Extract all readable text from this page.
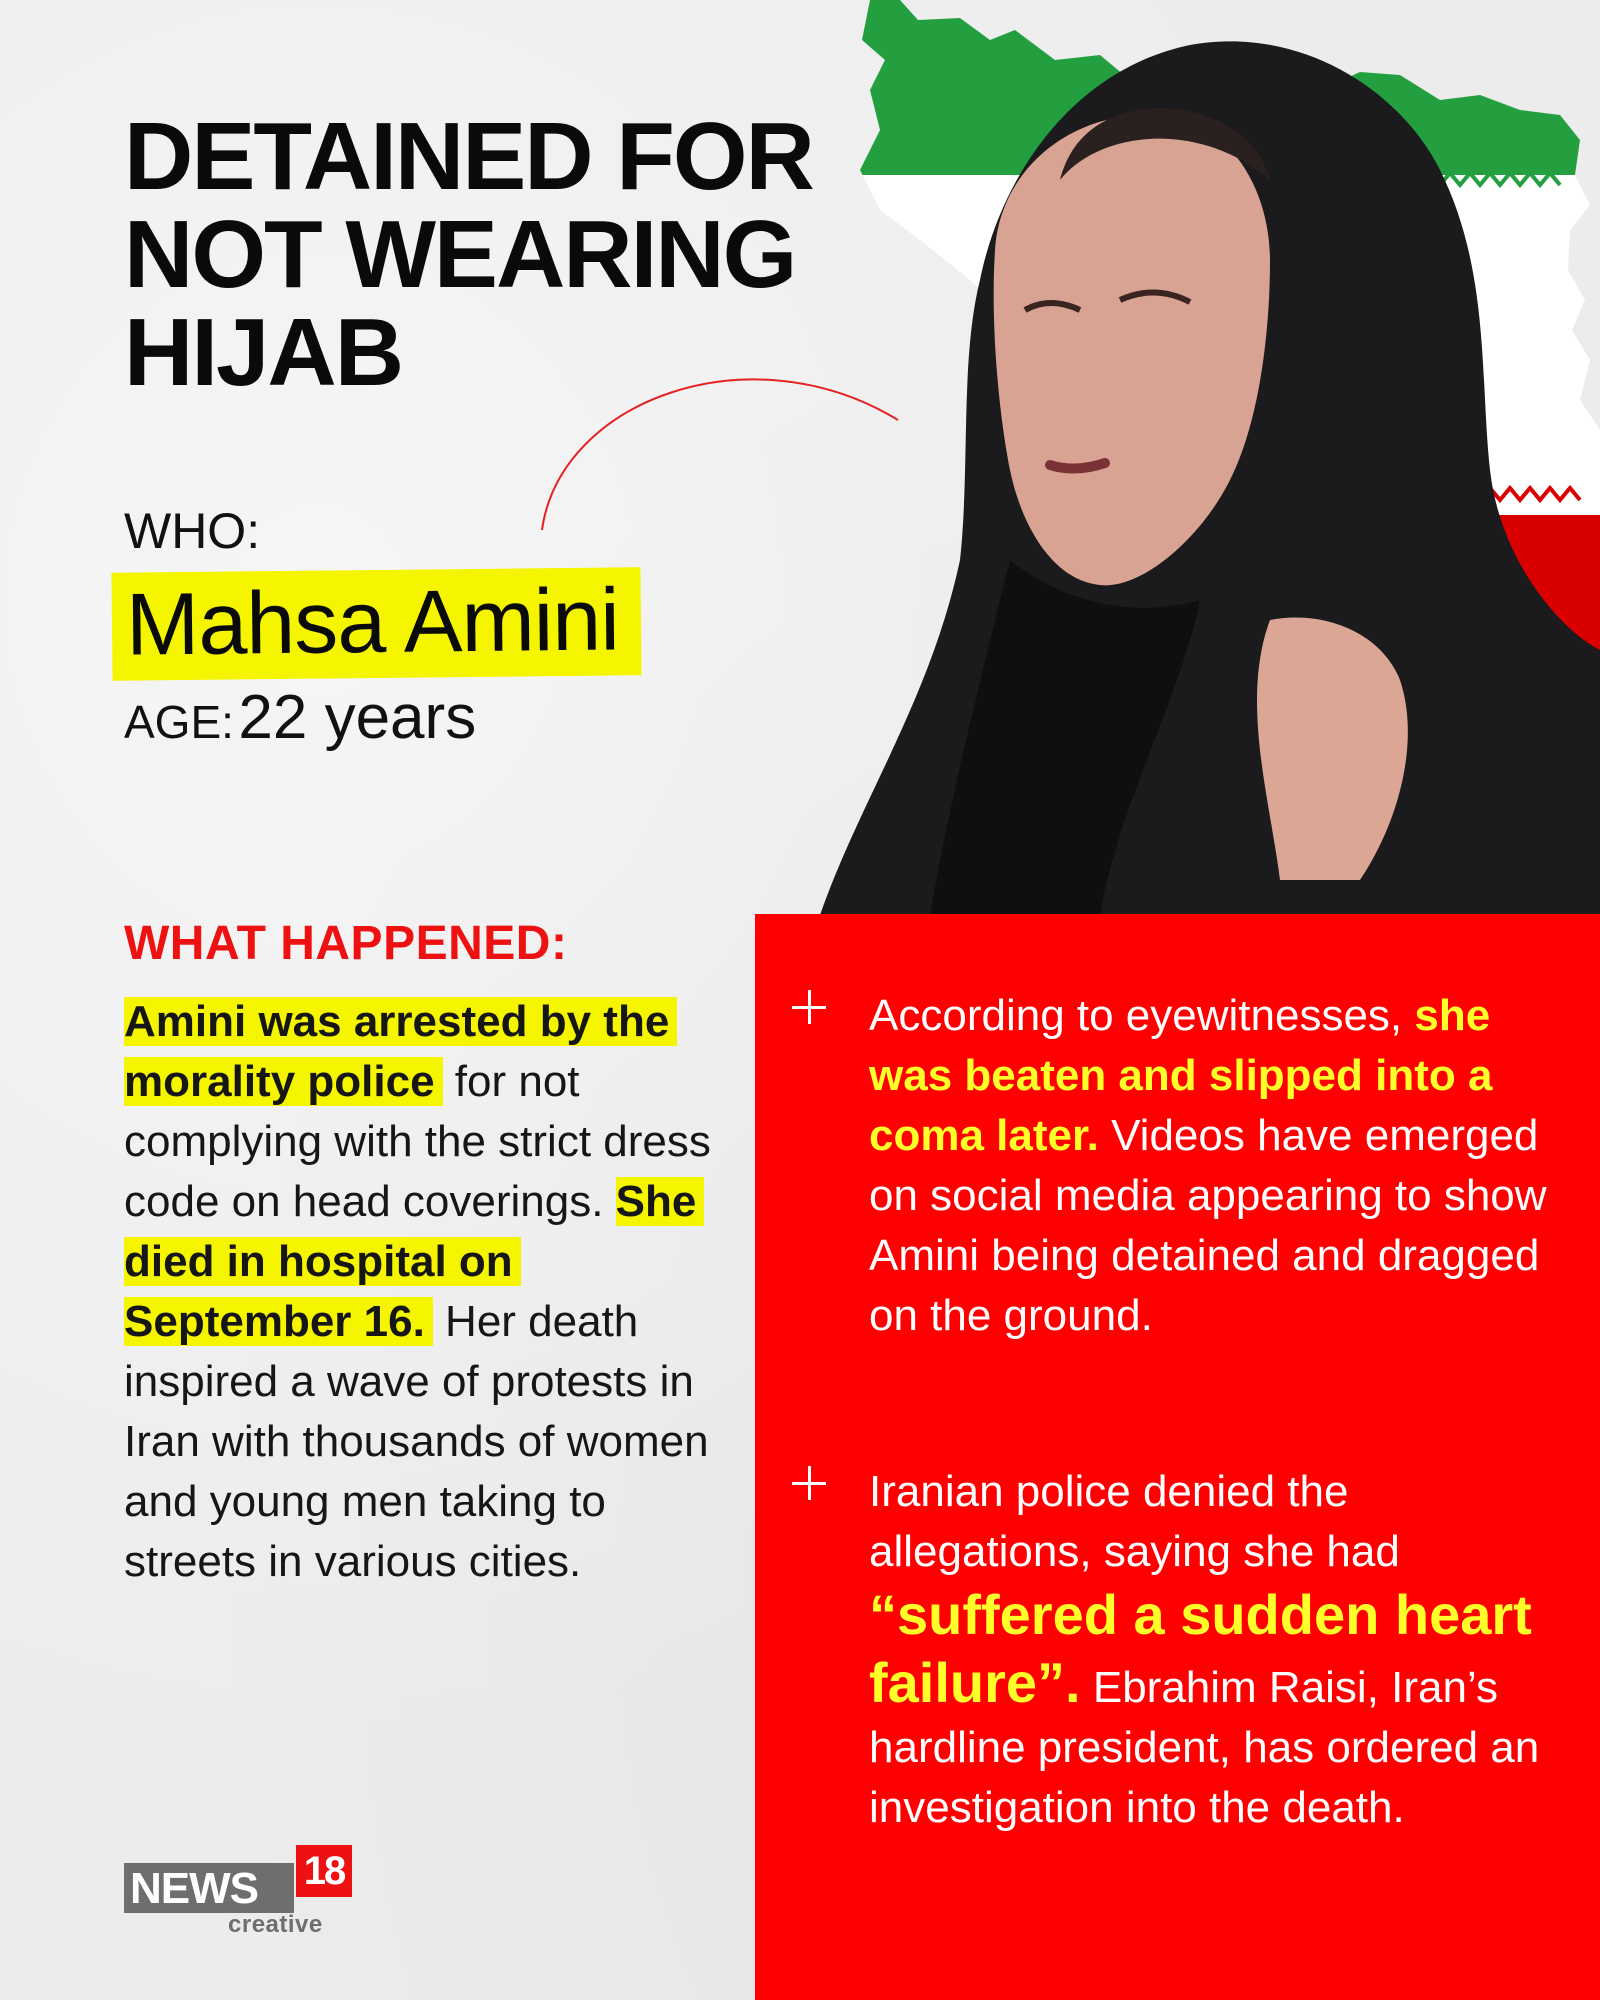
DETAINED FOR
NOT WEARING
HIJAB
WHO:
Mahsa Amini
AGE: 22 years
WHAT HAPPENED:
Amini was arrested by the morality police for not complying with the strict dress code on head coverings. She died in hospital on September 16. Her death inspired a wave of protests in Iran with thousands of women and young men taking to streets in various cities.
According to eyewitnesses, she was beaten and slipped into a coma later. Videos have emerged on social media appearing to show Amini being detained and dragged on the ground.
Iranian police denied the allegations, saying she had “suffered a sudden heart failure”. Ebrahim Raisi, Iran’s hardline president, has ordered an investigation into the death.
NEWS	18
creative
